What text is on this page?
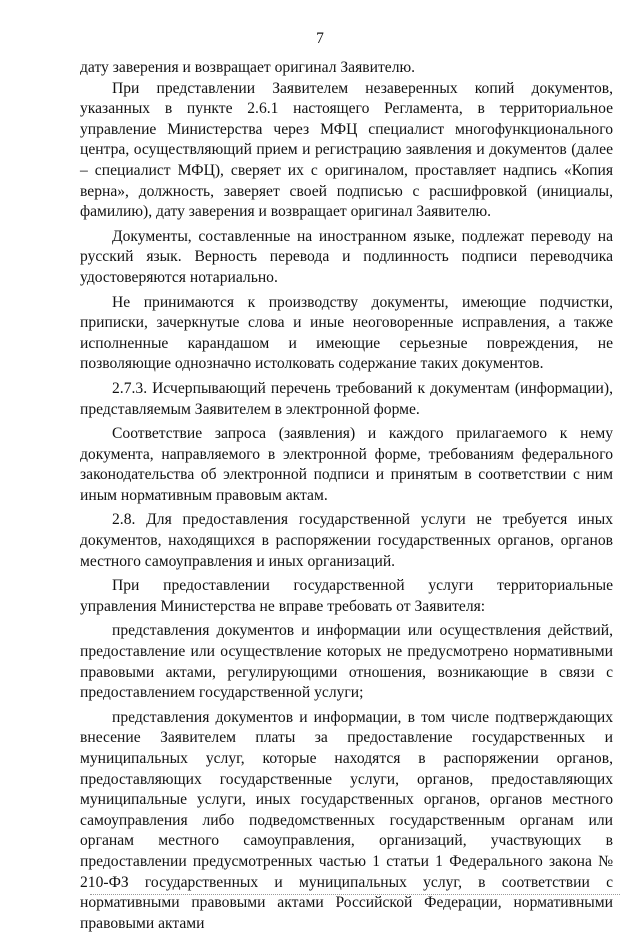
7

дату заверения и возвращает оригинал Заявителю.

При представлении Заявителем незаверенных копий документов, указанных в пункте 2.6.1 настоящего Регламента, в территориальное управление Министерства через МФЦ специалист многофункционального центра, осуществляющий прием и регистрацию заявления и документов (далее – специалист МФЦ), сверяет их с оригиналом, проставляет надпись «Копия верна», должность, заверяет своей подписью с расшифровкой (инициалы, фамилию), дату заверения и возвращает оригинал Заявителю.

Документы, составленные на иностранном языке, подлежат переводу на русский язык. Верность перевода и подлинность подписи переводчика удостоверяются нотариально.

Не принимаются к производству документы, имеющие подчистки, приписки, зачеркнутые слова и иные неоговоренные исправления, а также исполненные карандашом и имеющие серьезные повреждения, не позволяющие однозначно истолковать содержание таких документов.

2.7.3. Исчерпывающий перечень требований к документам (информации), представляемым Заявителем в электронной форме.

Соответствие запроса (заявления) и каждого прилагаемого к нему документа, направляемого в электронной форме, требованиям федерального законодательства об электронной подписи и принятым в соответствии с ним иным нормативным правовым актам.

2.8. Для предоставления государственной услуги не требуется иных документов, находящихся в распоряжении государственных органов, органов местного самоуправления и иных организаций.

При предоставлении государственной услуги территориальные управления Министерства не вправе требовать от Заявителя:

представления документов и информации или осуществления действий, предоставление или осуществление которых не предусмотрено нормативными правовыми актами, регулирующими отношения, возникающие в связи с предоставлением государственной услуги;

представления документов и информации, в том числе подтверждающих внесение Заявителем платы за предоставление государственных и муниципальных услуг, которые находятся в распоряжении органов, предоставляющих государственные услуги, органов, предоставляющих муниципальные услуги, иных государственных органов, органов местного самоуправления либо подведомственных государственным органам или органам местного самоуправления, организаций, участвующих в предоставлении предусмотренных частью 1 статьи 1 Федерального закона № 210-ФЗ государственных и муниципальных услуг, в соответствии с нормативными правовыми актами Российской Федерации, нормативными правовыми актами
